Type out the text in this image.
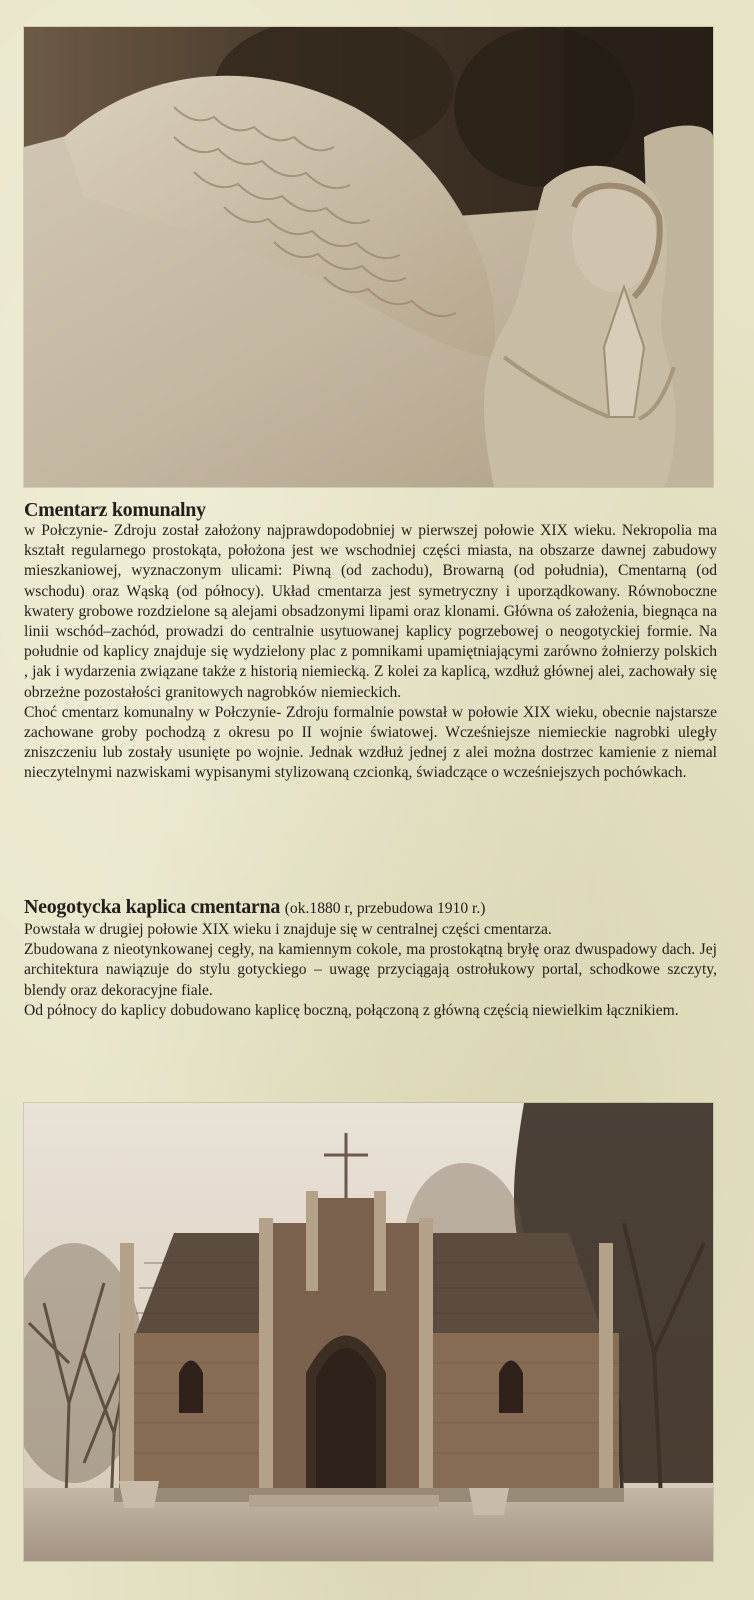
Cmentarz komunalny

w Połczynie- Zdroju został założony najprawdopodobniej w pierwszej połowie XIX wieku. Nekropolia ma kształt regularnego prostokąta, położona jest we wschodniej części miasta, na obszarze dawnej zabudowy mieszkaniowej, wyznaczonym ulicami: Piwną (od zachodu), Browarną (od południa), Cmentarną (od wschodu) oraz Wąską (od północy). Układ cmentarza jest symetryczny i uporządkowany. Równoboczne kwatery grobowe rozdzielone są alejami obsadzonymi lipami oraz klonami. Główna oś założenia, biegnąca na linii wschód–zachód, prowadzi do centralnie usytuowanej kaplicy pogrzebowej o neogotyckiej formie. Na południe od kaplicy znajduje się wydzielony plac z pomnikami upamiętniającymi zarówno żołnierzy polskich , jak i wydarzenia związane także z historią niemiecką. Z kolei za kaplicą, wzdłuż głównej alei, zachowały się obrzeżne pozostałości granitowych nagrobków niemieckich.

Choć cmentarz komunalny w Połczynie- Zdroju formalnie powstał w połowie XIX wieku, obecnie najstarsze zachowane groby pochodzą z okresu po II wojnie światowej. Wcześniejsze niemieckie nagrobki uległy zniszczeniu lub zostały usunięte po wojnie. Jednak wzdłuż jednej z alei można dostrzec kamienie z niemal nieczytelnymi nazwiskami wypisanymi stylizowaną czcionką, świadczące o wcześniejszych pochówkach.

Neogotycka kaplica cmentarna (ok.1880 r, przebudowa 1910 r.)

Powstała w drugiej połowie XIX wieku i znajduje się w centralnej części cmentarza.

Zbudowana z nieotynkowanej cegły, na kamiennym cokole, ma prostokątną bryłę oraz dwuspadowy dach. Jej architektura nawiązuje do stylu gotyckiego – uwagę przyciągają ostrołukowy portal, schodkowe szczyty, blendy oraz dekoracyjne fiale.

Od północy do kaplicy dobudowano kaplicę boczną, połączoną z główną częścią niewielkim łącznikiem.
